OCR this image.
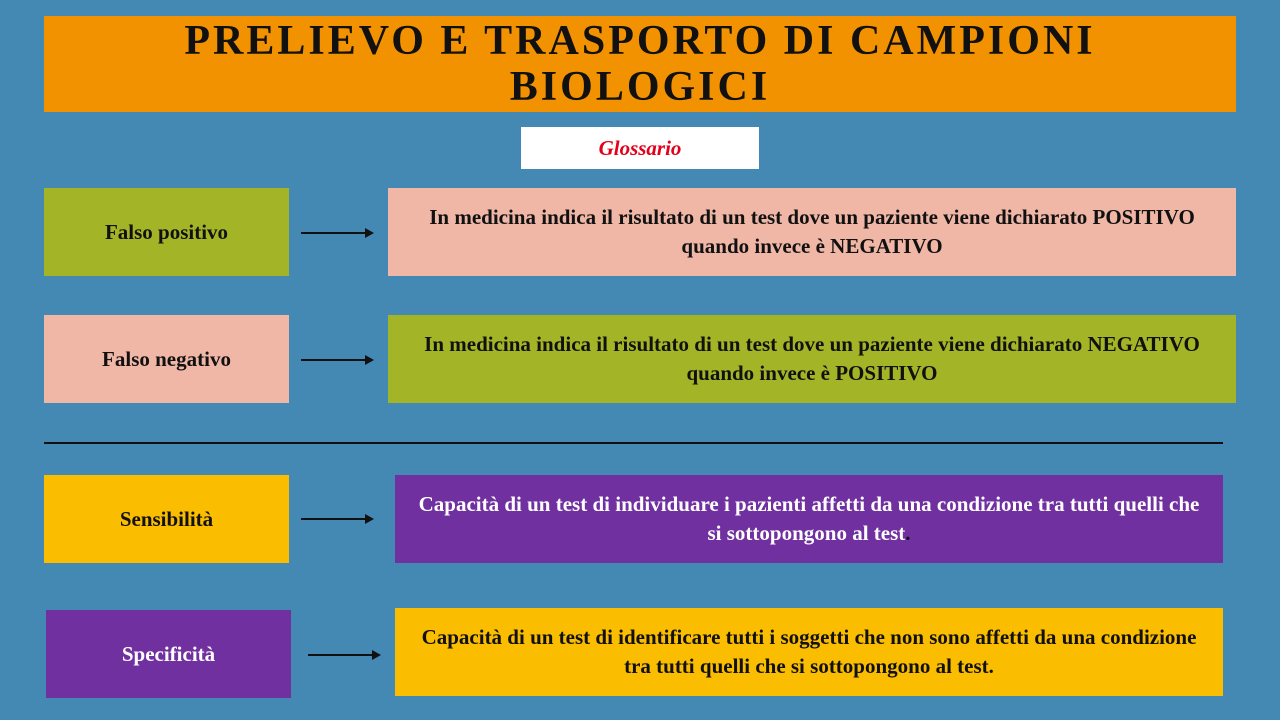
PRELIEVO E TRASPORTO DI CAMPIONI BIOLOGICI
Glossario
Falso positivo
In medicina indica il risultato di un test dove un paziente viene dichiarato POSITIVO quando invece è NEGATIVO
Falso negativo
In medicina indica il risultato di un test dove un paziente viene dichiarato NEGATIVO quando invece è POSITIVO
Sensibilità
Capacità di un test di individuare i pazienti affetti da una condizione tra tutti quelli che si sottopongono al test.
Specificità
Capacità di un test di identificare tutti i soggetti che non sono affetti da una condizione tra tutti quelli che si sottopongono al test.
